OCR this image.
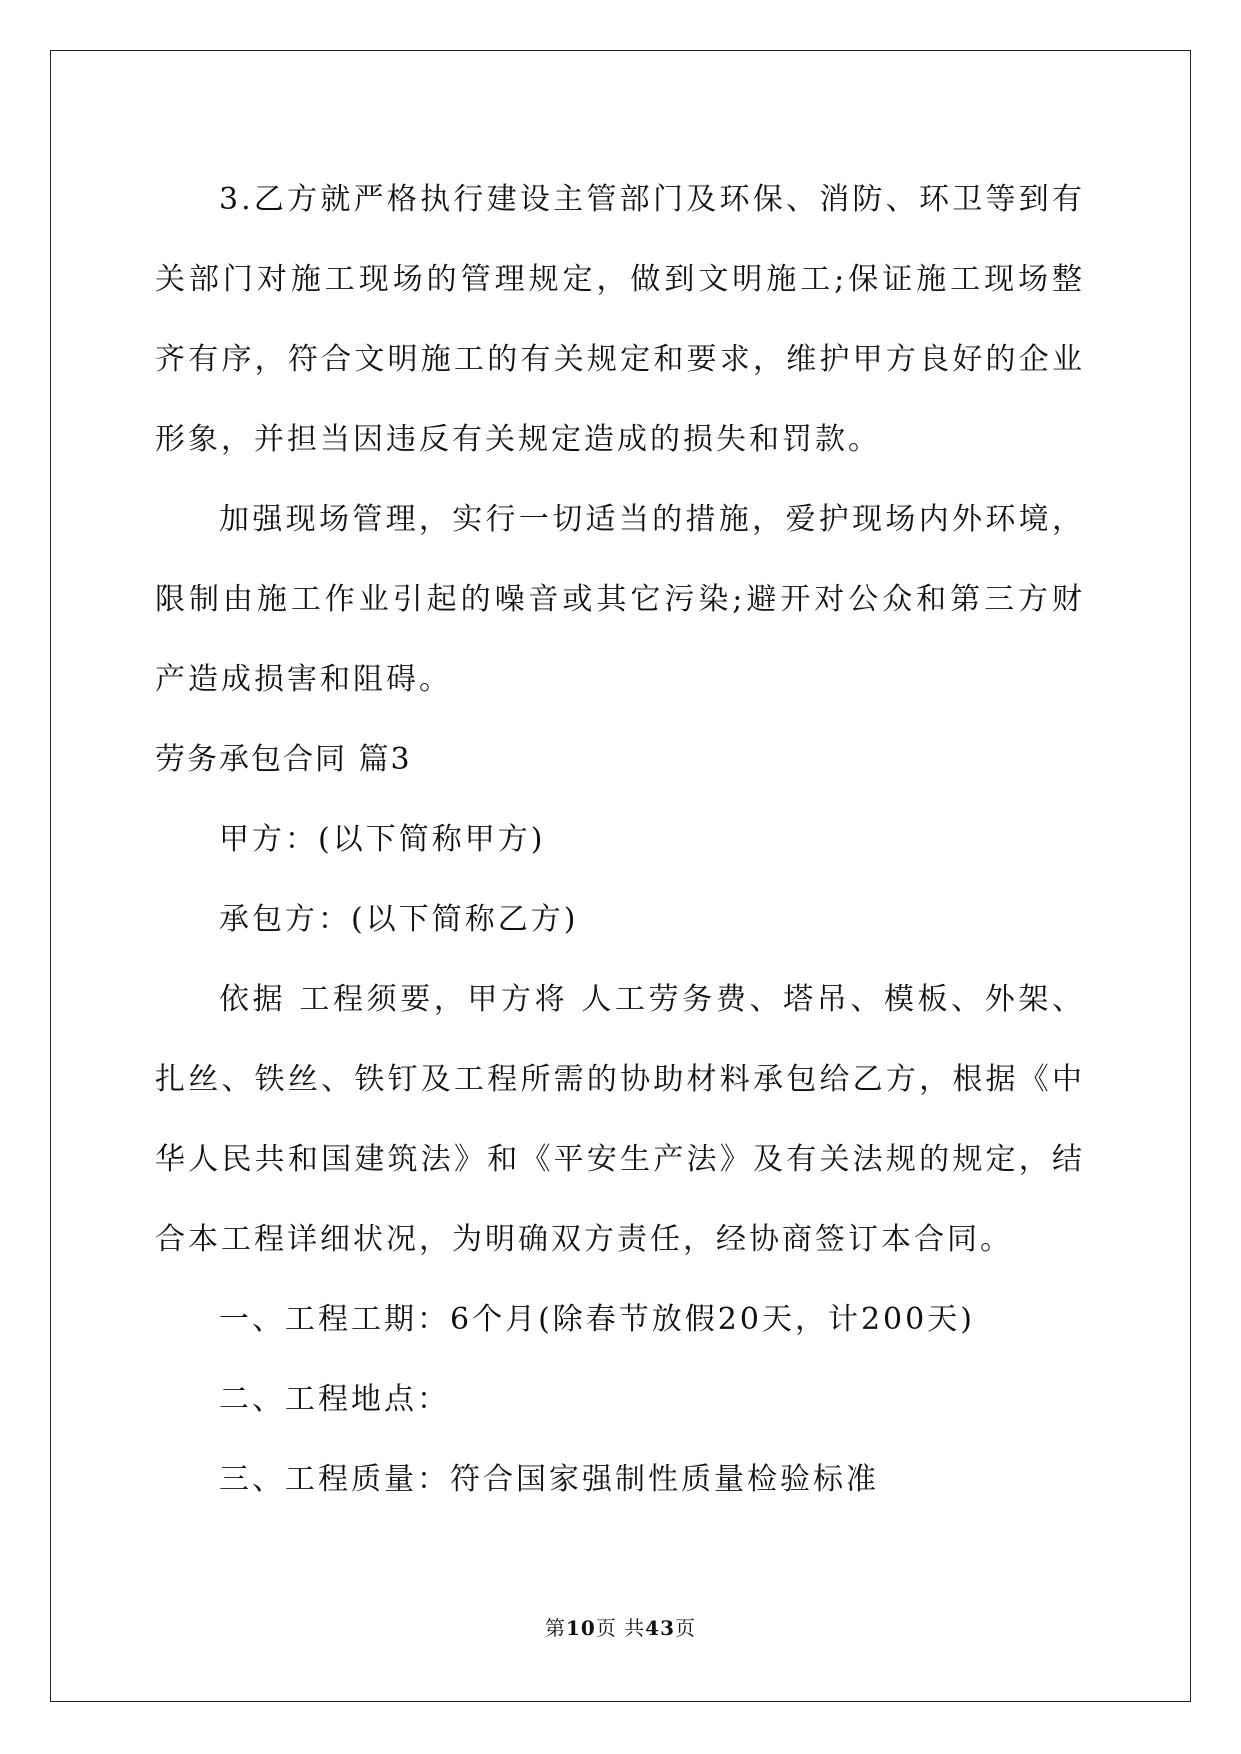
3.乙方就严格执行建设主管部门及环保、消防、环卫等到有关部门对施工现场的管理规定，做到文明施工;保证施工现场整齐有序，符合文明施工的有关规定和要求，维护甲方良好的企业形象，并担当因违反有关规定造成的损失和罚款。

加强现场管理，实行一切适当的措施，爱护现场内外环境，限制由施工作业引起的噪音或其它污染;避开对公众和第三方财产造成损害和阻碍。

劳务承包合同 篇3

甲方：(以下简称甲方)

承包方：(以下简称乙方)

依据 工程须要，甲方将 人工劳务费、塔吊、模板、外架、扎丝、铁丝、铁钉及工程所需的协助材料承包给乙方，根据《中华人民共和国建筑法》和《平安生产法》及有关法规的规定，结合本工程详细状况，为明确双方责任，经协商签订本合同。

一、工程工期：6个月(除春节放假20天，计200天)

二、工程地点：

三、工程质量：符合国家强制性质量检验标准

第10页 共43页
